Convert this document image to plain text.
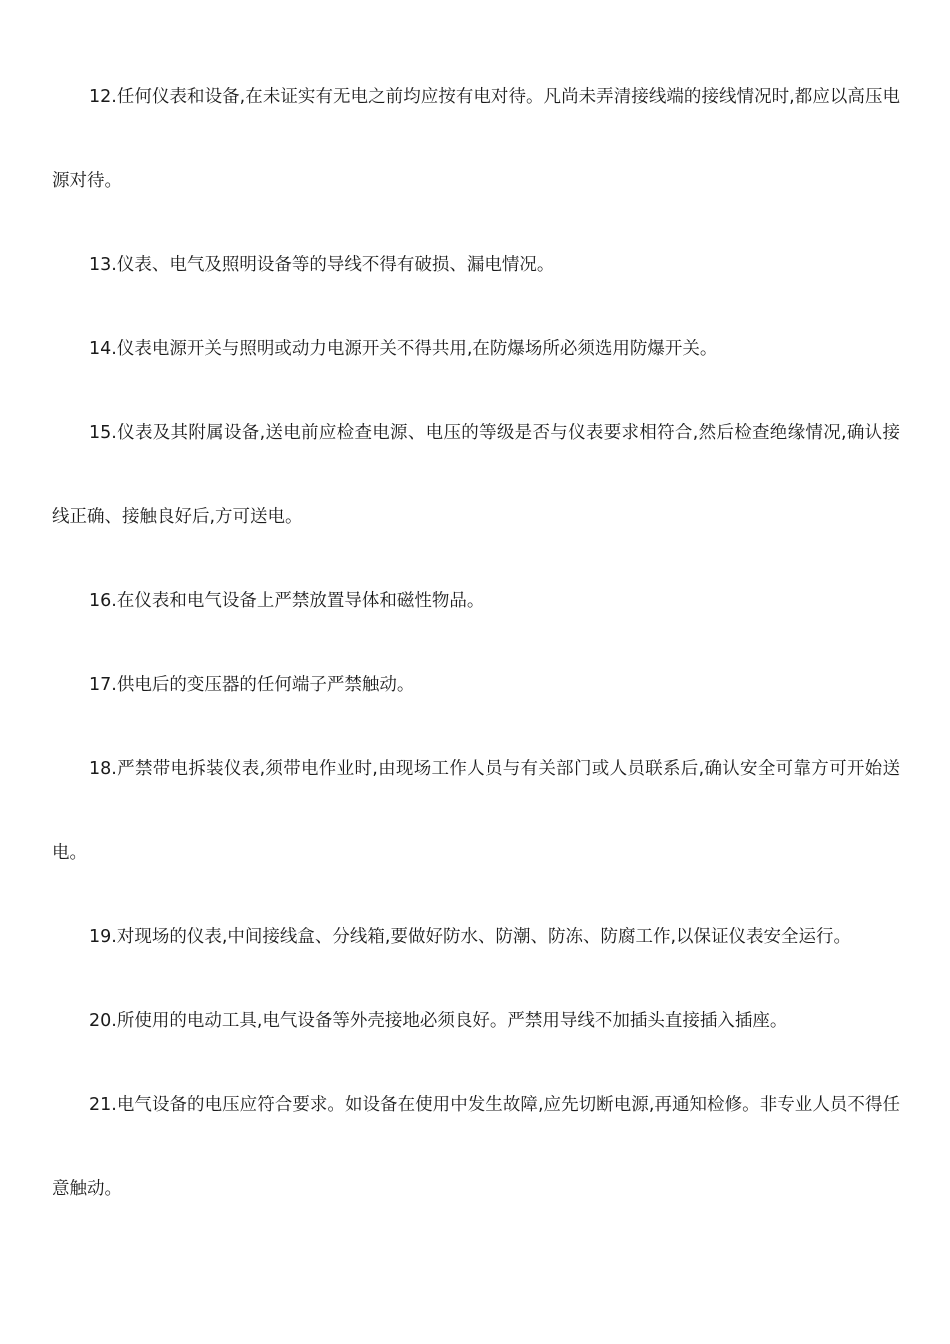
12.任何仪表和设备,在未证实有无电之前均应按有电对待。凡尚未弄清接线端的接线情况时,都应以高压电源对待。

13.仪表、电气及照明设备等的导线不得有破损、漏电情况。

14.仪表电源开关与照明或动力电源开关不得共用,在防爆场所必须选用防爆开关。

15.仪表及其附属设备,送电前应检查电源、电压的等级是否与仪表要求相符合,然后检查绝缘情况,确认接线正确、接触良好后,方可送电。

16.在仪表和电气设备上严禁放置导体和磁性物品。

17.供电后的变压器的任何端子严禁触动。

18.严禁带电拆装仪表,须带电作业时,由现场工作人员与有关部门或人员联系后,确认安全可靠方可开始送电。

19.对现场的仪表,中间接线盒、分线箱,要做好防水、防潮、防冻、防腐工作,以保证仪表安全运行。

20.所使用的电动工具,电气设备等外壳接地必须良好。严禁用导线不加插头直接插入插座。

21.电气设备的电压应符合要求。如设备在使用中发生故障,应先切断电源,再通知检修。非专业人员不得任意触动。
